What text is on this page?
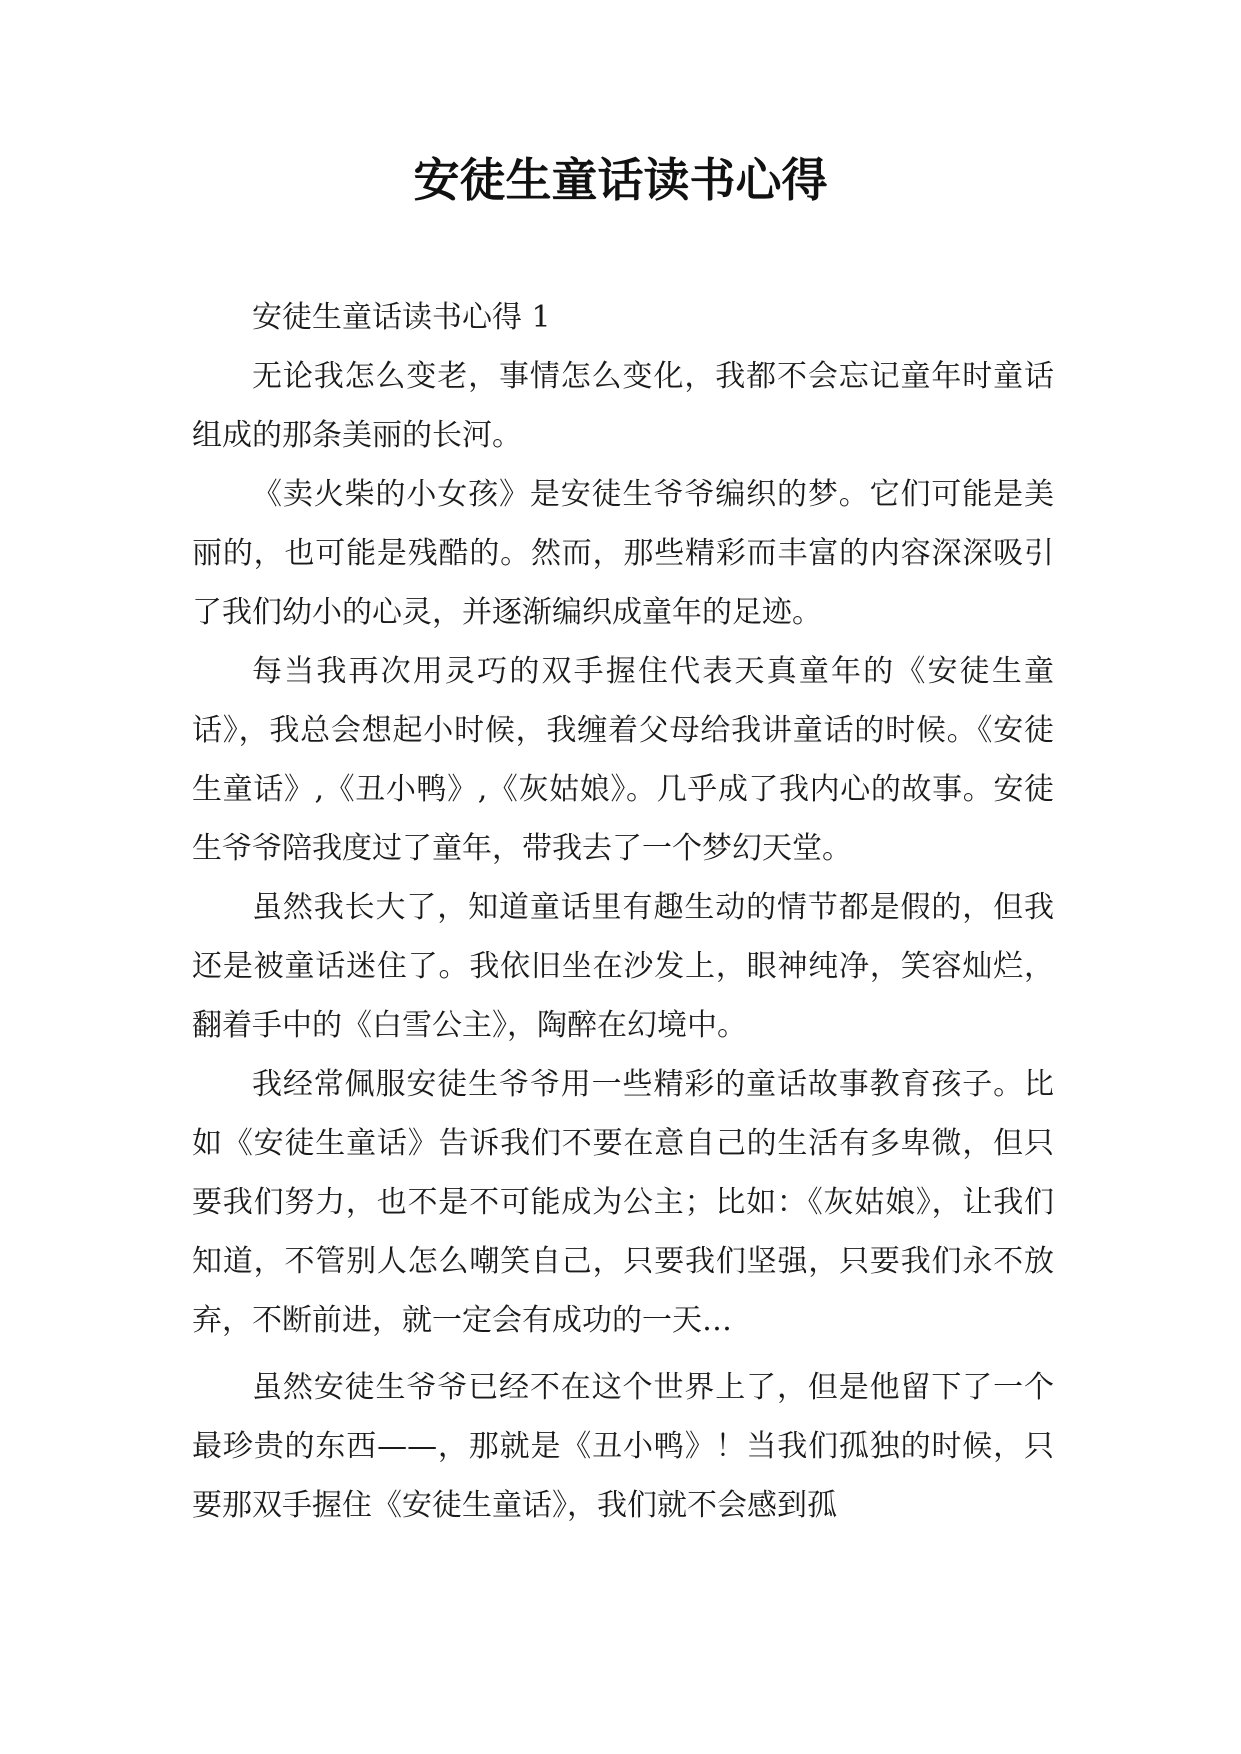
安徒生童话读书心得

安徒生童话读书心得 1

无论我怎么变老，事情怎么变化，我都不会忘记童年时童话组成的那条美丽的长河。

《卖火柴的小女孩》是安徒生爷爷编织的梦。它们可能是美丽的，也可能是残酷的。然而，那些精彩而丰富的内容深深吸引了我们幼小的心灵，并逐渐编织成童年的足迹。

每当我再次用灵巧的双手握住代表天真童年的《安徒生童话》，我总会想起小时候，我缠着父母给我讲童话的时候。《安徒生童话》,《丑小鸭》,《灰姑娘》。几乎成了我内心的故事。安徒生爷爷陪我度过了童年，带我去了一个梦幻天堂。

虽然我长大了，知道童话里有趣生动的情节都是假的，但我还是被童话迷住了。我依旧坐在沙发上，眼神纯净，笑容灿烂，翻着手中的《白雪公主》，陶醉在幻境中。

我经常佩服安徒生爷爷用一些精彩的童话故事教育孩子。比如《安徒生童话》告诉我们不要在意自己的生活有多卑微，但只要我们努力，也不是不可能成为公主；比如：《灰姑娘》，让我们知道，不管别人怎么嘲笑自己，只要我们坚强，只要我们永不放弃，不断前进，就一定会有成功的一天…

虽然安徒生爷爷已经不在这个世界上了，但是他留下了一个最珍贵的东西——，那就是《丑小鸭》！当我们孤独的时候，只要那双手握住《安徒生童话》，我们就不会感到孤
